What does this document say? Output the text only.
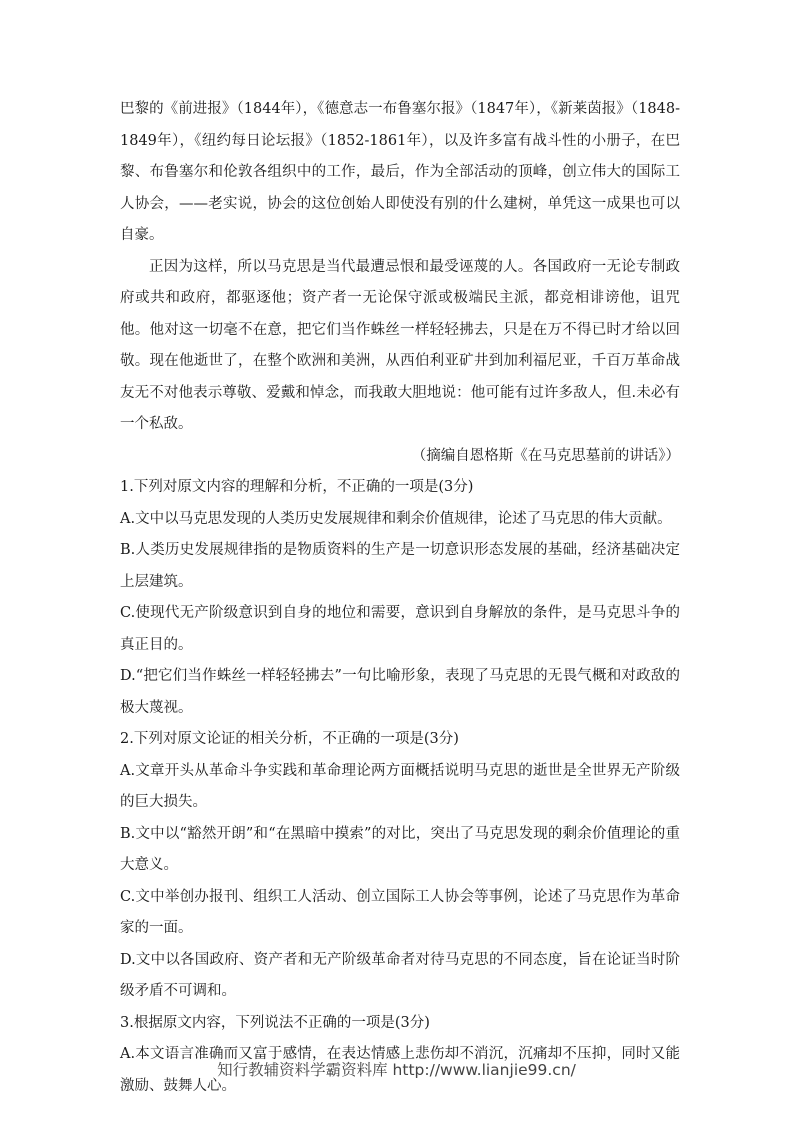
巴黎的《前进报》（1844年），《德意志一布鲁塞尔报》（1847年），《新莱茵报》（1848-1849年），《纽约每日论坛报》（1852-1861年），以及许多富有战斗性的小册子，在巴黎、布鲁塞尔和伦敦各组织中的工作，最后，作为全部活动的顶峰，创立伟大的国际工人协会，——老实说，协会的这位创始人即使没有别的什么建树，单凭这一成果也可以自豪。

正因为这样，所以马克思是当代最遭忌恨和最受诬蔑的人。各国政府一无论专制政府或共和政府，都驱逐他；资产者一无论保守派或极端民主派，都竞相诽谤他，诅咒他。他对这一切毫不在意，把它们当作蛛丝一样轻轻拂去，只是在万不得已时才给以回敬。现在他逝世了，在整个欧洲和美洲，从西伯利亚矿井到加利福尼亚，千百万革命战友无不对他表示尊敬、爱戴和悼念，而我敢大胆地说：他可能有过许多敌人，但.未必有一个私敌。

（摘编自恩格斯《在马克思墓前的讲话》）

1.下列对原文内容的理解和分析，不正确的一项是(3分)

A.文中以马克思发现的人类历史发展规律和剩余价值规律，论述了马克思的伟大贡献。

B.人类历史发展规律指的是物质资料的生产是一切意识形态发展的基础，经济基础决定上层建筑。

C.使现代无产阶级意识到自身的地位和需要，意识到自身解放的条件，是马克思斗争的真正目的。

D.“把它们当作蛛丝一样轻轻拂去”一句比喻形象，表现了马克思的无畏气概和对政敌的极大蔑视。

2.下列对原文论证的相关分析，不正确的一项是(3分)

A.文章开头从革命斗争实践和革命理论两方面概括说明马克思的逝世是全世界无产阶级的巨大损失。

B.文中以“豁然开朗”和“在黑暗中摸索”的对比，突出了马克思发现的剩余价值理论的重大意义。

C.文中举创办报刊、组织工人活动、创立国际工人协会等事例，论述了马克思作为革命家的一面。

D.文中以各国政府、资产者和无产阶级革命者对待马克思的不同态度，旨在论证当时阶级矛盾不可调和。

3.根据原文内容，下列说法不正确的一项是(3分)

A.本文语言准确而又富于感情，在表达情感上悲伤却不消沉，沉痛却不压抑，同时又能激励、鼓舞人心。

知行教辅资料学霸资料库 http://www.lianjie99.cn/
